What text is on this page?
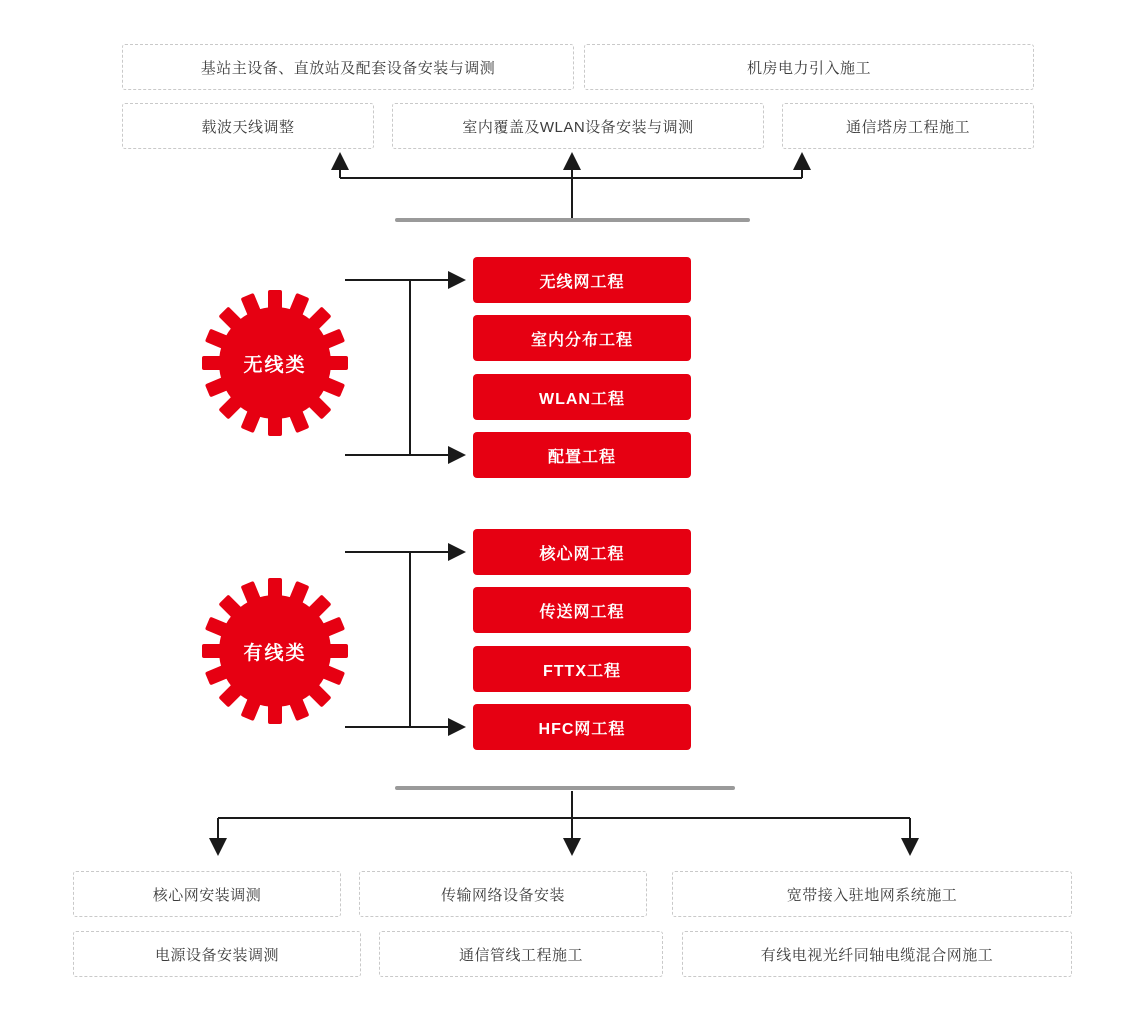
基站主设备、直放站及配套设备安装与调测	机房电力引入施工
载波天线调整	室内覆盖及WLAN设备安装与调测	通信塔房工程施工
无线类
无线网工程
室内分布工程
WLAN工程
配置工程
有线类
核心网工程
传送网工程
FTTX工程
HFC网工程
核心网安装调测	传输网络设备安装	宽带接入驻地网系统施工
电源设备安装调测	通信管线工程施工	有线电视光纤同轴电缆混合网施工
